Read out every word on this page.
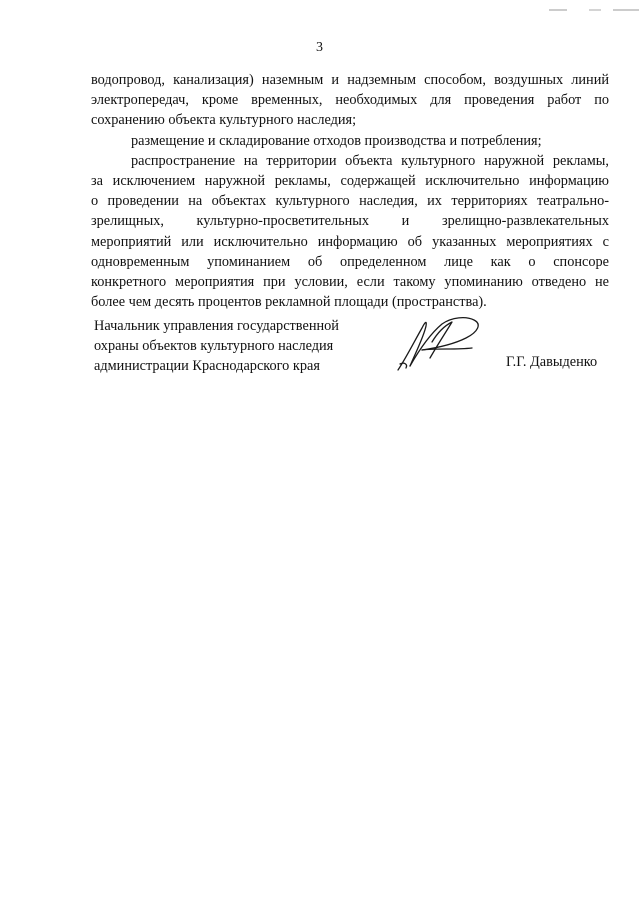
3
водопровод, канализация) наземным и надземным способом, воздушных линий
электропередач, кроме временных, необходимых для проведения работ по
сохранению объекта культурного наследия;
размещение и складирование отходов производства и потребления;
распространение на территории объекта культурного наружной рекламы,
за исключением наружной рекламы, содержащей исключительно информацию
о проведении на объектах культурного наследия, их территориях театрально-
зрелищных, культурно-просветительных и зрелищно-развлекательных
мероприятий или исключительно информацию об указанных мероприятиях с
одновременным упоминанием об определенном лице как о спонсоре
конкретного мероприятия при условии, если такому упоминанию отведено не
более чем десять процентов рекламной площади (пространства).
Начальник управления государственной
охраны объектов культурного наследия
администрации Краснодарского края	Г.Г. Давыденко
